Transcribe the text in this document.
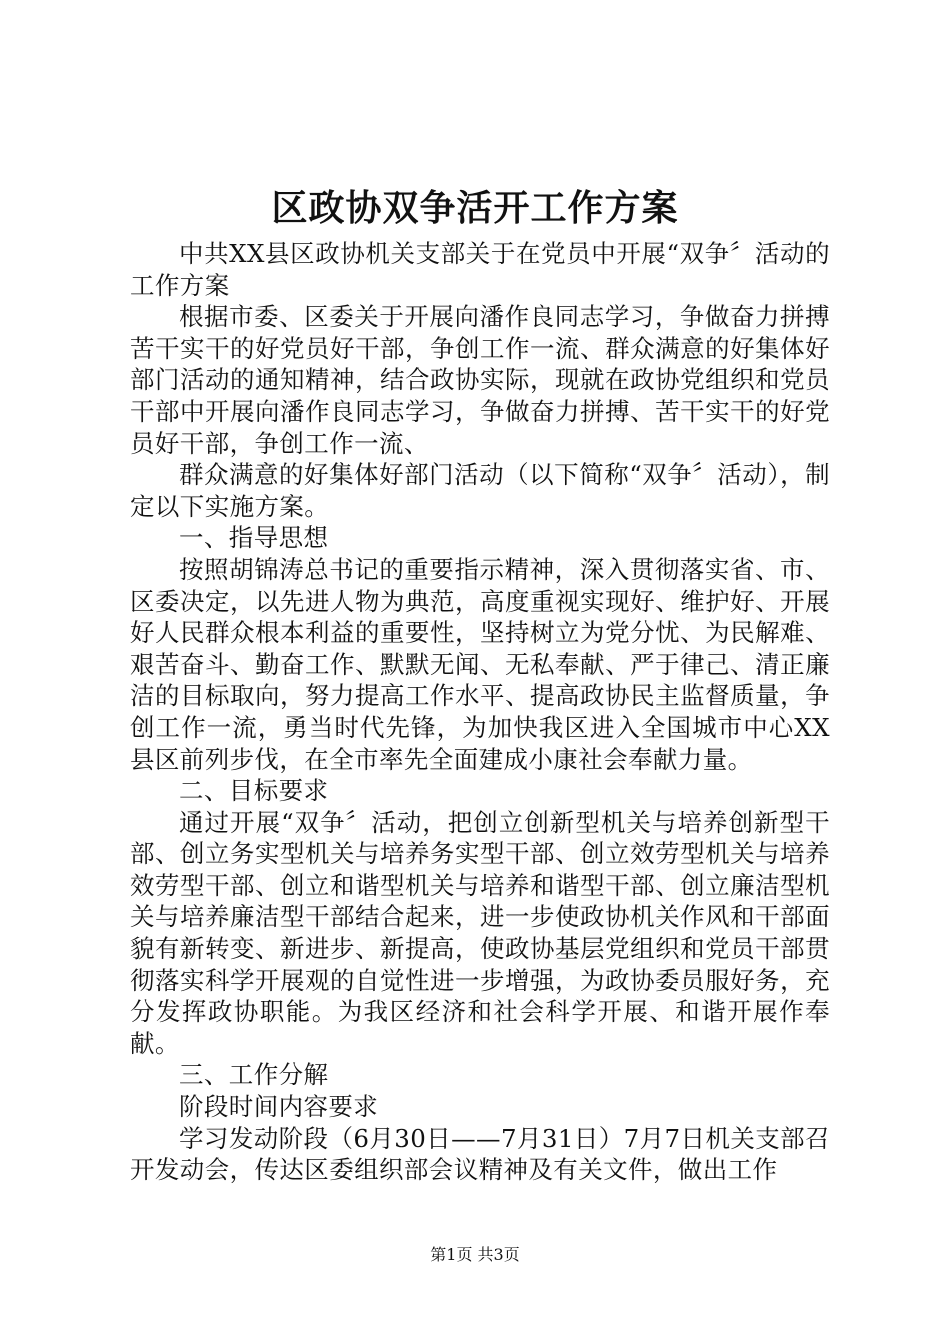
区政协双争活开工作方案

中共XX县区政协机关支部关于在党员中开展“双争〞活动的工作方案

根据市委、区委关于开展向潘作良同志学习，争做奋力拼搏苦干实干的好党员好干部，争创工作一流、群众满意的好集体好部门活动的通知精神，结合政协实际，现就在政协党组织和党员干部中开展向潘作良同志学习，争做奋力拼搏、苦干实干的好党员好干部，争创工作一流、

群众满意的好集体好部门活动（以下简称“双争〞活动），制定以下实施方案。

一、指导思想

按照胡锦涛总书记的重要指示精神，深入贯彻落实省、市、区委决定，以先进人物为典范，高度重视实现好、维护好、开展好人民群众根本利益的重要性，坚持树立为党分忧、为民解难、艰苦奋斗、勤奋工作、默默无闻、无私奉献、严于律己、清正廉洁的目标取向，努力提高工作水平、提高政协民主监督质量，争创工作一流，勇当时代先锋，为加快我区进入全国城市中心XX县区前列步伐，在全市率先全面建成小康社会奉献力量。

二、目标要求

通过开展“双争〞活动，把创立创新型机关与培养创新型干部、创立务实型机关与培养务实型干部、创立效劳型机关与培养效劳型干部、创立和谐型机关与培养和谐型干部、创立廉洁型机关与培养廉洁型干部结合起来，进一步使政协机关作风和干部面貌有新转变、新进步、新提高，使政协基层党组织和党员干部贯彻落实科学开展观的自觉性进一步增强，为政协委员服好务，充分发挥政协职能。为我区经济和社会科学开展、和谐开展作奉献。

三、工作分解

阶段时间内容要求

学习发动阶段（6月30日——7月31日）7月7日机关支部召开发动会，传达区委组织部会议精神及有关文件，做出工作

第1页 共3页
